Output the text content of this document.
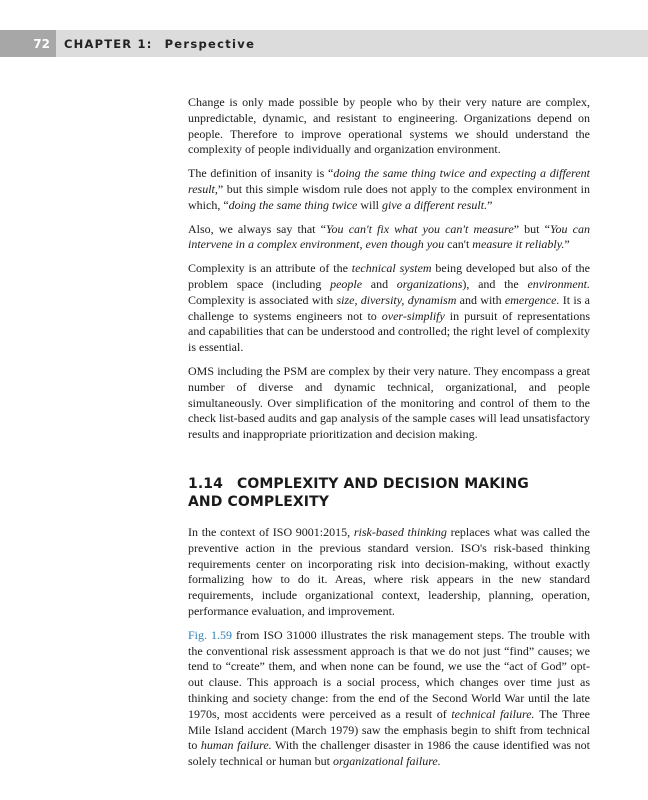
72	CHAPTER 1: Perspective

Change is only made possible by people who by their very nature are complex, unpredictable, dynamic, and resistant to engineering. Organizations depend on people. Therefore to improve operational systems we should understand the complexity of people individually and organization environment.

The definition of insanity is “doing the same thing twice and expecting a different result,” but this simple wisdom rule does not apply to the complex environment in which, “doing the same thing twice will give a different result.”

Also, we always say that “You can't fix what you can't measure” but “You can intervene in a complex environment, even though you can't measure it reliably.”

Complexity is an attribute of the technical system being developed but also of the problem space (including people and organizations), and the environment. Complexity is associated with size, diversity, dynamism and with emergence. It is a challenge to systems engineers not to over-simplify in pursuit of representations and capabilities that can be understood and controlled; the right level of complexity is essential.

OMS including the PSM are complex by their very nature. They encompass a great number of diverse and dynamic technical, organizational, and people simultaneously. Over simplification of the monitoring and control of them to the check list-based audits and gap analysis of the sample cases will lead unsatisfactory results and inappropriate prioritization and decision making.

1.14 COMPLEXITY AND DECISION MAKING
AND COMPLEXITY

In the context of ISO 9001:2015, risk-based thinking replaces what was called the preventive action in the previous standard version. ISO's risk-based thinking requirements center on incorporating risk into decision-making, without exactly formalizing how to do it. Areas, where risk appears in the new standard requirements, include organizational context, leadership, planning, operation, performance evaluation, and improvement.

Fig. 1.59 from ISO 31000 illustrates the risk management steps. The trouble with the conventional risk assessment approach is that we do not just “find” causes; we tend to “create” them, and when none can be found, we use the “act of God” opt-out clause. This approach is a social process, which changes over time just as thinking and society change: from the end of the Second World War until the late 1970s, most accidents were perceived as a result of technical failure. The Three Mile Island accident (March 1979) saw the emphasis begin to shift from technical to human failure. With the challenger disaster in 1986 the cause identified was not solely technical or human but organizational failure.
